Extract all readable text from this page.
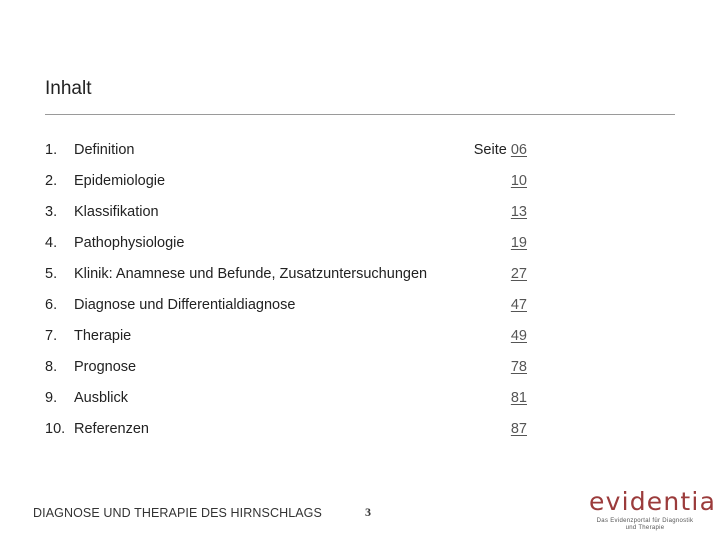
Inhalt
1. Definition	Seite 06
2. Epidemiologie	10
3. Klassifikation	13
4. Pathophysiologie	19
5. Klinik: Anamnese und Befunde, Zusatzuntersuchungen	27
6. Diagnose und Differentialdiagnose	47
7. Therapie	49
8. Prognose	78
9. Ausblick	81
10. Referenzen	87
DIAGNOSE UND THERAPIE DES HIRNSCHLAGS	3	evidentia
Das Evidenzportal für Diagnostik und Therapie
